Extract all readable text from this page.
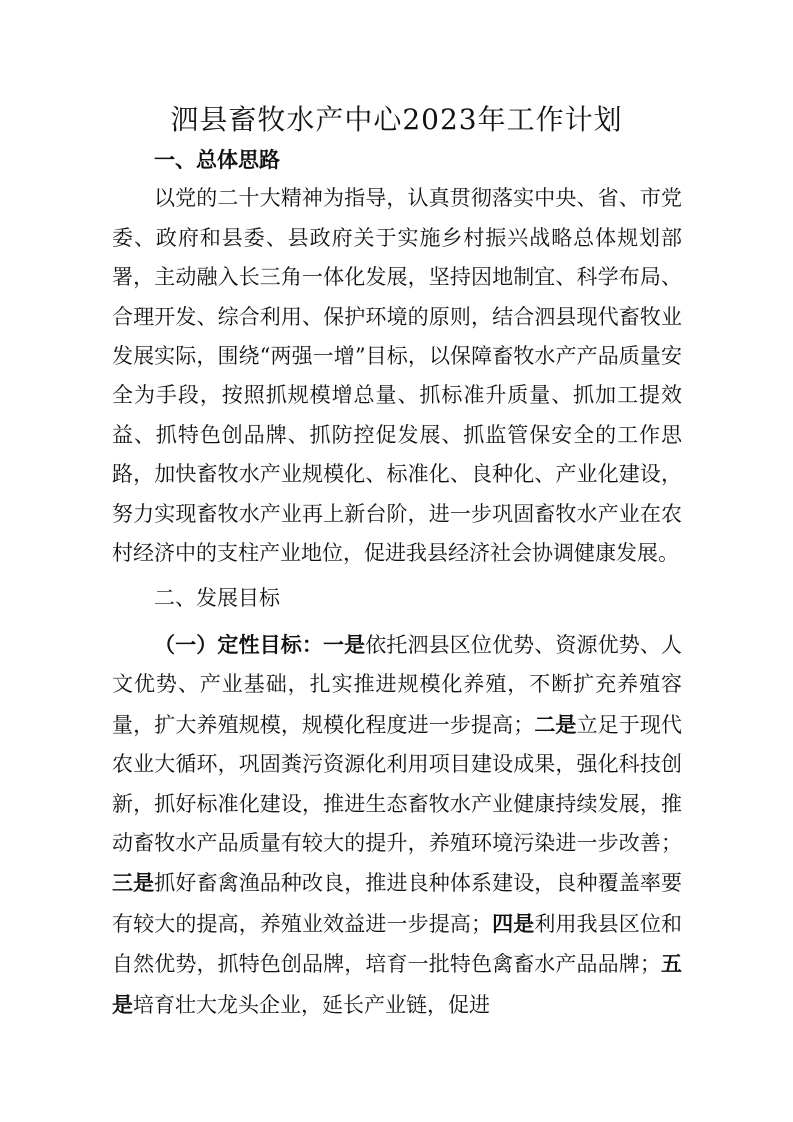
泗县畜牧水产中心2023年工作计划

一、总体思路

以党的二十大精神为指导，认真贯彻落实中央、省、市党委、政府和县委、县政府关于实施乡村振兴战略总体规划部署，主动融入长三角一体化发展，坚持因地制宜、科学布局、合理开发、综合利用、保护环境的原则，结合泗县现代畜牧业发展实际，围绕“两强一增”目标，以保障畜牧水产产品质量安全为手段，按照抓规模增总量、抓标准升质量、抓加工提效益、抓特色创品牌、抓防控促发展、抓监管保安全的工作思路，加快畜牧水产业规模化、标准化、良种化、产业化建设，努力实现畜牧水产业再上新台阶，进一步巩固畜牧水产业在农村经济中的支柱产业地位，促进我县经济社会协调健康发展。

二、发展目标

（一）定性目标：一是依托泗县区位优势、资源优势、人文优势、产业基础，扎实推进规模化养殖，不断扩充养殖容量，扩大养殖规模，规模化程度进一步提高；二是立足于现代农业大循环，巩固粪污资源化利用项目建设成果，强化科技创新，抓好标准化建设，推进生态畜牧水产业健康持续发展，推动畜牧水产品质量有较大的提升，养殖环境污染进一步改善；三是抓好畜禽渔品种改良，推进良种体系建设，良种覆盖率要有较大的提高，养殖业效益进一步提高；四是利用我县区位和自然优势，抓特色创品牌，培育一批特色禽畜水产品品牌；五是培育壮大龙头企业，延长产业链，促进
